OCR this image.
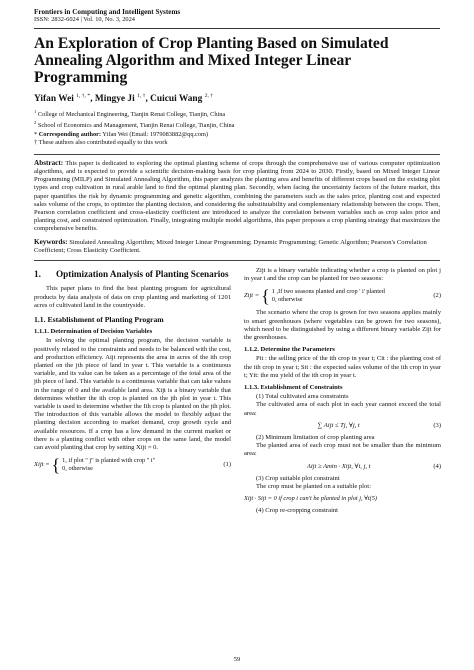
Frontiers in Computing and Intelligent Systems
ISSN: 2832-6024 | Vol. 10, No. 3, 2024
An Exploration of Crop Planting Based on Simulated Annealing Algorithm and Mixed Integer Linear Programming
Yifan Wei $^{1, \dagger, *}$, Mingye Ji $^{1, \dagger}$, Cuicui Wang $^{2, \dagger}$
$^1$ College of Mechanical Engineering, Tianjin Renai College, Tianjin, China
$^2$ School of Economics and Management, Tianjin Renai College, Tianjin, China
* Corresponding author: Yifan Wei (Email: 1979083882@qq.com)
† These authors also contributed equally to this work
Abstract: This paper is dedicated to exploring the optimal planting scheme of crops through the comprehensive use of various computer optimization algorithms, and is expected to provide a scientific decision-making basis for crop planting from 2024 to 2030. Firstly, based on Mixed Integer Linear Programming (MILP) and Simulated Annealing Algorithm, this paper analyzes the planting area and benefits of different crops based on the existing plot types and crop cultivation in rural arable land to find the optimal planting plan. Secondly, when facing the uncertainty factors of the future market, this paper quantifies the risk by dynamic programming and genetic algorithm, combining the parameters such as the sales price, planting cost and expected sales volume of the crops, to optimize the planting decision, and considering the substitutability and complementary relationship between the crops. Then, Pearson correlation coefficient and cross-elasticity coefficient are introduced to analyze the correlation between variables such as crop sales price and planting cost, and constrained optimization. Finally, integrating multiple model algorithms, this paper proposes a crop planting strategy that maximizes the comprehensive benefits.
Keywords: Simulated Annealing Algorithm; Mixed Integer Linear Programming; Dynamic Programming; Genetic Algorithm; Pearson's Correlation Coefficient; Cross Elasticity Coefficient.
1.	Optimization Analysis of Planting Scenarios

This paper plans to find the best planting program for agricultural products by data analysis of data on crop planting and marketing of 1201 acres of cultivated land in the countryside.

1.1. Establishment of Planting Program
1.1.1. Determination of Decision Variables

In solving the optimal planting program, the decision variable is positively related to the constraints and needs to be balanced with the cost, and production efficiency. Aijt represents the area in acres of the ith crop planted on the jth piece of land in year t. This variable is a continuous variable, and its value can be taken as a percentage of the total area of the jth piece of land. This variable is a continuous variable that can take values in the range of 0 and the available land area. Xijt is a binary variable that determines whether the ith crop is planted on the jth plot in year t. This variable is used to determine whether the Ith crop is planted on the jth plot. The introduction of this variable allows the model to flexibly adjust the planting decision according to market demand, crop growth cycle and available resources. If a crop has a low demand in the current market or there is a planting conflict with other crops on the same land, the model can avoid planting that crop by setting Xijt = 0.

Xijt = { 1, if plot " j" is planted with crop " i"
0, otherwise
(1)

Zijt is a binary variable indicating whether a crop is planted on plot j in year t and the crop can be planted for two seasons:

Zijt = { 1 ,If two seasons planted and crop ' i' planted
0, otherwise
(2)

The scenario where the crop is grown for two seasons applies mainly to smart greenhouses (where vegetables can be grown for two seasons), which need to be distinguished by using a different binary variable Zijt for the greenhouses.

1.1.2. Determine the Parameters

Pit : the selling price of the ith crop in year t; Cit : the planting cost of the ith crop in year t; Sit : the expected sales volume of the ith crop in year t; Yit: the mu yield of the ith crop in year t.

1.1.3. Establishment of Constraints

(1) Total cultivated area constraints

The cultivated area of each plot in each year cannot exceed the total area:

∑ Aijt ≤ Tj, ∀j, t	(3)

(2) Minimum limitation of crop planting area

The planted area of each crop must not be smaller than the minimum area:

Aijt ≥ Amin · Xijt, ∀i, j, t	(4)

(3) Crop suitable plot constraint

The crop must be planted on a suitable plot:

Xijt · Sijt = 0 if crop i can't be planted in plot j, ∀t(5)

(4) Crop re-cropping constraint

59
